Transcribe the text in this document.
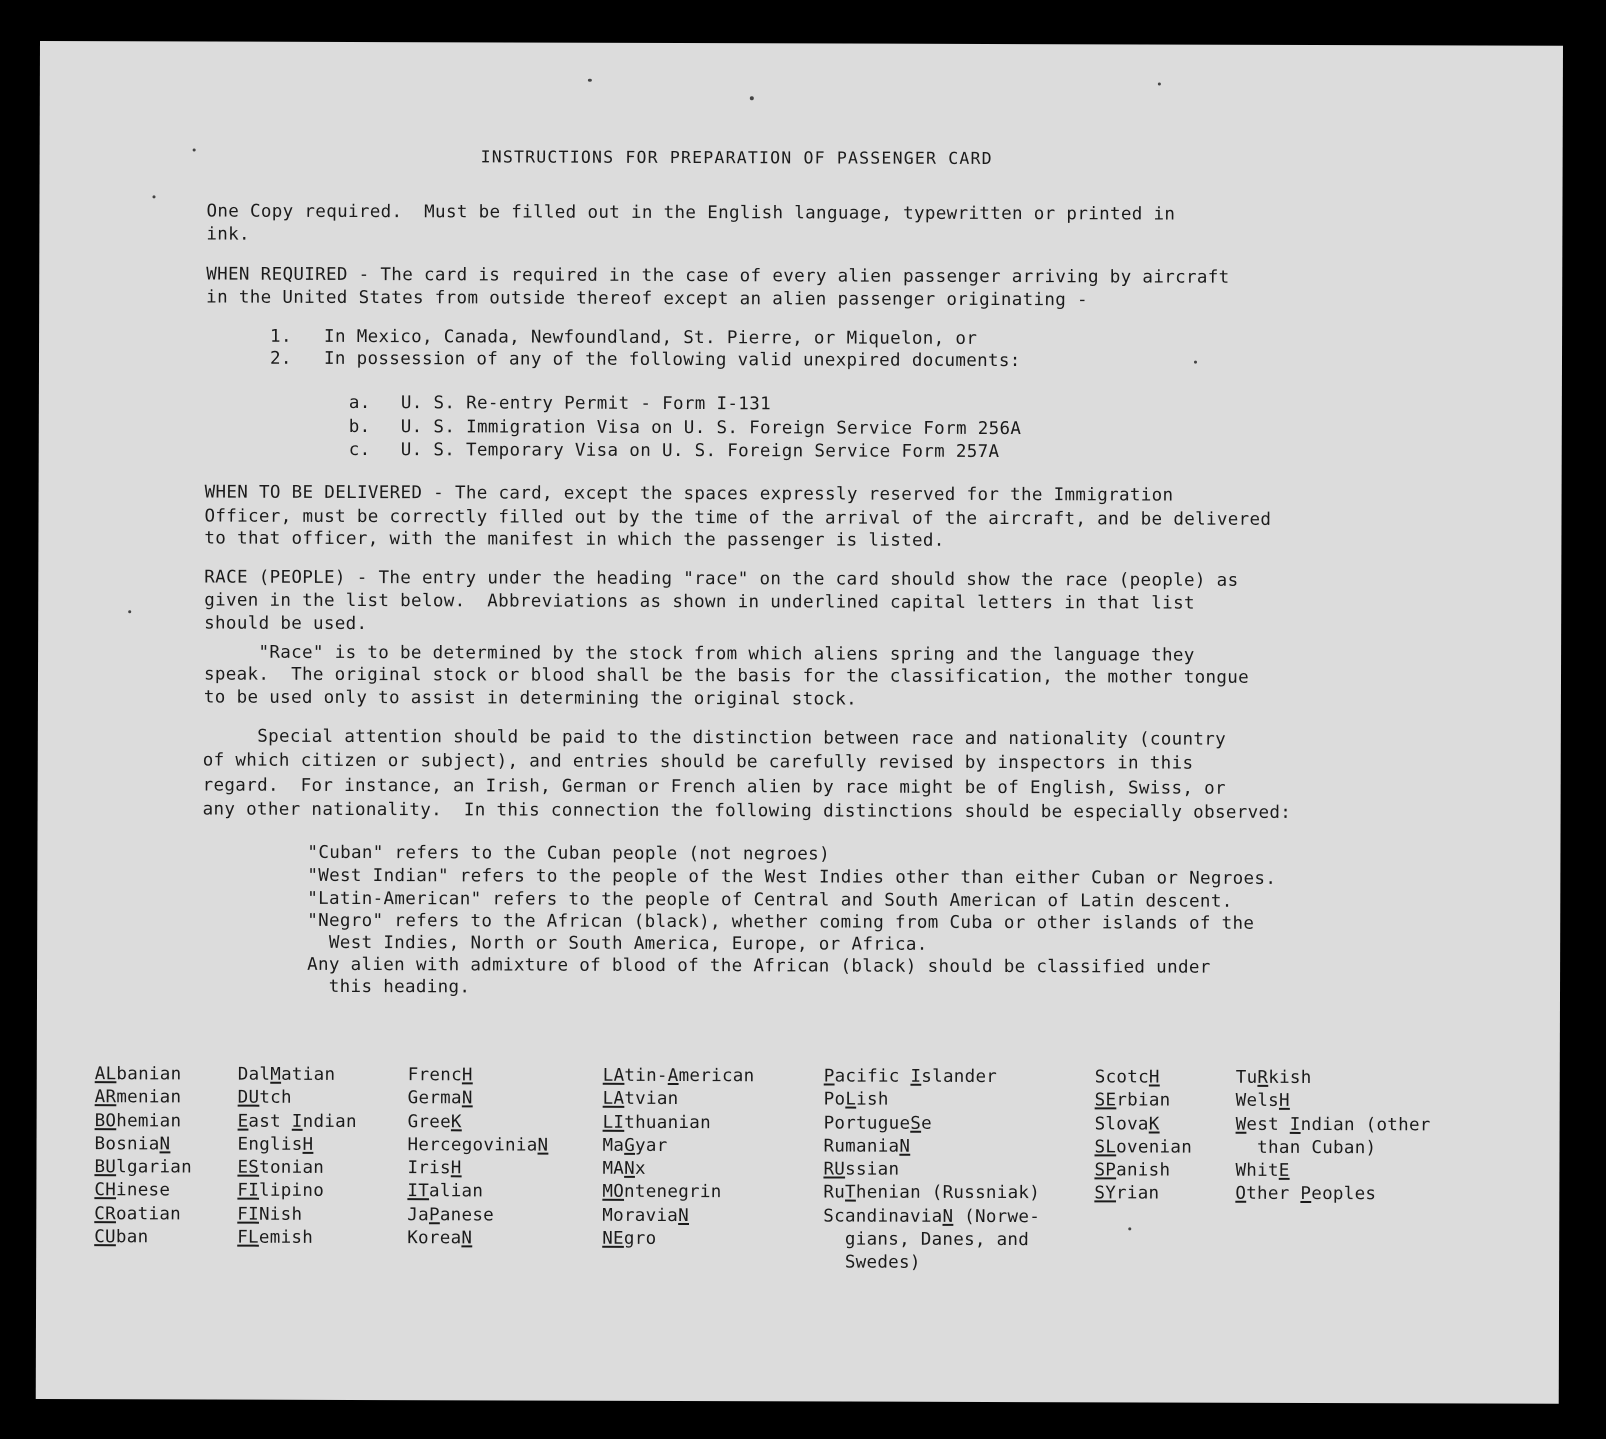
INSTRUCTIONS FOR PREPARATION OF PASSENGER CARD

One Copy required.  Must be filled out in the English language, typewritten or printed in

ink.

WHEN REQUIRED - The card is required in the case of every alien passenger arriving by aircraft

in the United States from outside thereof except an alien passenger originating -

1. In Mexico, Canada, Newfoundland, St. Pierre, or Miquelon, or

2. In possession of any of the following valid unexpired documents:

a. U. S. Re-entry Permit - Form I-131

b. U. S. Immigration Visa on U. S. Foreign Service Form 256A

c. U. S. Temporary Visa on U. S. Foreign Service Form 257A

WHEN TO BE DELIVERED - The card, except the spaces expressly reserved for the Immigration

Officer, must be correctly filled out by the time of the arrival of the aircraft, and be delivered

to that officer, with the manifest in which the passenger is listed.

RACE (PEOPLE) - The entry under the heading "race" on the card should show the race (people) as

given in the list below.  Abbreviations as shown in underlined capital letters in that list

should be used.

"Race" is to be determined by the stock from which aliens spring and the language they

speak.  The original stock or blood shall be the basis for the classification, the mother tongue

to be used only to assist in determining the original stock.

Special attention should be paid to the distinction between race and nationality (country

of which citizen or subject), and entries should be carefully revised by inspectors in this

regard.  For instance, an Irish, German or French alien by race might be of English, Swiss, or

any other nationality.  In this connection the following distinctions should be especially observed:

"Cuban" refers to the Cuban people (not negroes)

"West Indian" refers to the people of the West Indies other than either Cuban or Negroes.

"Latin-American" refers to the people of Central and South American of Latin descent.

"Negro" refers to the African (black), whether coming from Cuba or other islands of the

West Indies, North or South America, Europe, or Africa.

Any alien with admixture of blood of the African (black) should be classified under

this heading.

ALbanian
ARmenian
BOhemian
BosniaN
BUlgarian
CHinese
CRoatian
CUban
DalMatian
DUtch
East Indian
EnglisH
EStonian
FIlipino
FINish
FLemish
FrencH
GermaN
GreeK
HercegoviniaN
IrisH
ITalian
JaPanese
KoreaN
LAtin-American
LAtvian
LIthuanian
MaGyar
MANx
MOntenegrin
MoraviaN
NEgro
Pacific Islander
PoLish
PortugueSe
RumaniaN
RUssian
RuThenian (Russniak)
ScandinaviaN (Norwe-
gians, Danes, and
Swedes)
ScotcH
SErbian
SlovaK
SLovenian
SPanish
SYrian
TuRkish
WelsH
West Indian (other
than Cuban)
WhitE
Other Peoples
